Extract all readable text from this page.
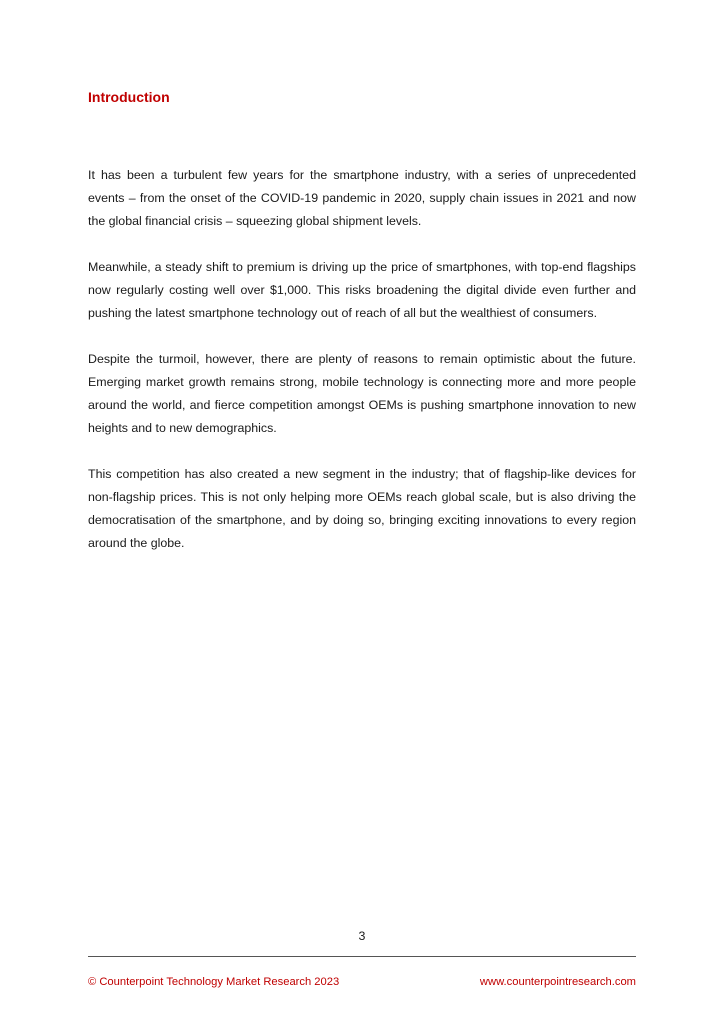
Introduction

It has been a turbulent few years for the smartphone industry, with a series of unprecedented events – from the onset of the COVID-19 pandemic in 2020, supply chain issues in 2021 and now the global financial crisis – squeezing global shipment levels.

Meanwhile, a steady shift to premium is driving up the price of smartphones, with top-end flagships now regularly costing well over $1,000. This risks broadening the digital divide even further and pushing the latest smartphone technology out of reach of all but the wealthiest of consumers.

Despite the turmoil, however, there are plenty of reasons to remain optimistic about the future. Emerging market growth remains strong, mobile technology is connecting more and more people around the world, and fierce competition amongst OEMs is pushing smartphone innovation to new heights and to new demographics.

This competition has also created a new segment in the industry; that of flagship-like devices for non-flagship prices. This is not only helping more OEMs reach global scale, but is also driving the democratisation of the smartphone, and by doing so, bringing exciting innovations to every region around the globe.

3
© Counterpoint Technology Market Research 2023	www.counterpointresearch.com
